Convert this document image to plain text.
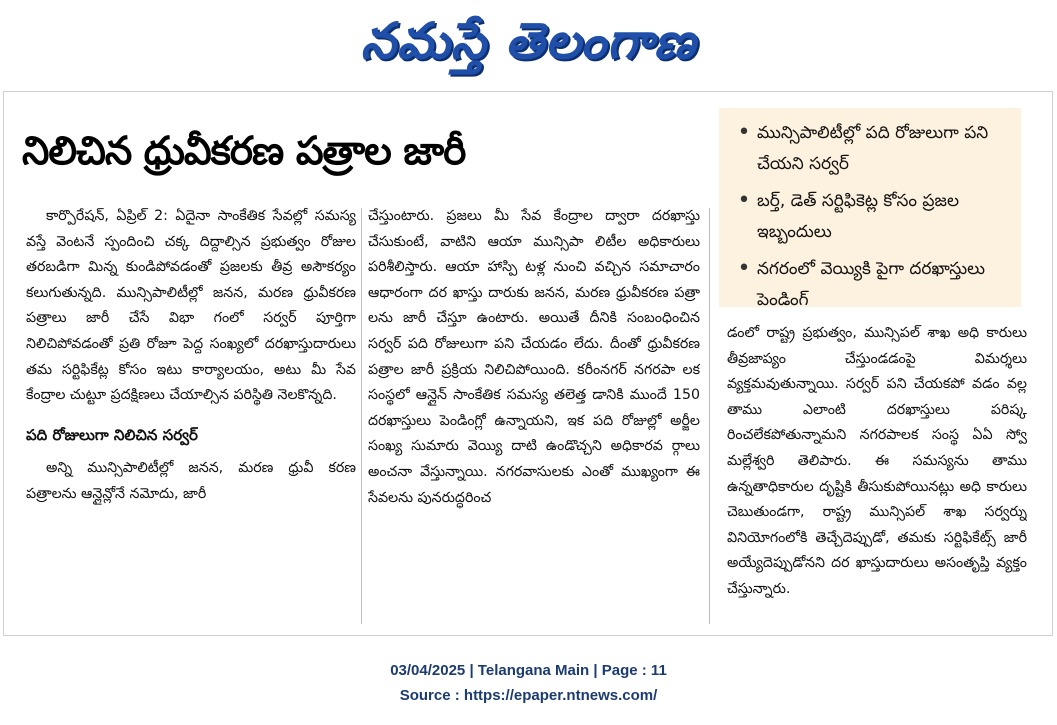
నమస్తే తెలంగాణ
నిలిచిన ధ్రువీకరణ పత్రాల జారీ	• మున్సిపాలిటీల్లో పది రోజులుగా పని చేయని సర్వర్
• బర్త్, డెత్ సర్టిఫికెట్ల కోసం ప్రజల ఇబ్బందులు
• నగరంలో వెయ్యికి పైగా దరఖాస్తులు పెండింగ్

కార్పొరేషన్, ఏప్రిల్ 2: ఏదైనా సాంకేతిక సేవల్లో సమస్య వస్తే వెంటనే స్పందించి చక్క దిద్దాల్సిన ప్రభుత్వం రోజుల తరబడిగా మిన్న కుండిపోవడంతో ప్రజలకు తీవ్ర అసౌకర్యం కలుగుతున్నది. మున్సిపాలిటీల్లో జనన, మరణ ధ్రువీకరణ పత్రాలు జారీ చేసే విభా గంలో సర్వర్ పూర్తిగా నిలిచిపోవడంతో ప్రతి రోజూ పెద్ద సంఖ్యలో దరఖాస్తుదారులు తమ సర్టిఫికేట్ల కోసం ఇటు కార్యాలయం, అటు మీ సేవ కేంద్రాల చుట్టూ ప్రదక్షిణలు చేయాల్సిన పరిస్థితి నెలకొన్నది.

పది రోజులుగా నిలిచిన సర్వర్

అన్ని మున్సిపాలిటీల్లో జనన, మరణ ధ్రువీ కరణ పత్రాలను ఆన్లైన్లోనే నమోదు, జారీ

చేస్తుంటారు. ప్రజలు మీ సేవ కేంద్రాల ద్వారా దరఖాస్తు చేసుకుంటే, వాటిని ఆయా మున్సిపా లిటీల అధికారులు పరిశీలిస్తారు. ఆయా హాస్పి టళ్ల నుంచి వచ్చిన సమాచారం ఆధారంగా దర ఖాస్తు దారుకు జనన, మరణ ధ్రువీకరణ పత్రా లను జారీ చేస్తూ ఉంటారు. అయితే దీనికి సంబంధించిన సర్వర్ పది రోజులుగా పని చేయడం లేదు. దీంతో ధ్రువీకరణ పత్రాల జారీ ప్రక్రియ నిలిచిపోయింది. కరీంనగర్ నగరపా లక సంస్థలో ఆన్లైన్ సాంకేతిక సమస్య తలెత్త డానికి ముందే 150 దరఖాస్తులు పెండింగ్లో ఉన్నాయని, ఇక పది రోజుల్లో అర్జీల సంఖ్య సుమారు వెయ్యి దాటి ఉండొచ్చని అధికారవ ర్గాలు అంచనా వేస్తున్నాయి. నగరవాసులకు ఎంతో ముఖ్యంగా ఈ సేవలను పునరుద్ధరించ

డంలో రాష్ట్ర ప్రభుత్వం, మున్సిపల్ శాఖ అధి కారులు తీవ్రజాప్యం చేస్తుండడంపై విమర్శలు వ్యక్తమవుతున్నాయి. సర్వర్ పని చేయకపో వడం వల్ల తాము ఎలాంటి దరఖాస్తులు పరిష్క రించలేకపోతున్నామని నగరపాలక సంస్థ ఏఏ స్వో మల్లేశ్వరి తెలిపారు. ఈ సమస్యను తాము ఉన్నతాధికారుల దృష్టికి తీసుకుపోయినట్లు అధి కారులు చెబుతుండగా, రాష్ట్ర మున్సిపల్ శాఖ సర్వర్ను వినియోగంలోకి తెచ్చేదెప్పుడో, తమకు సర్టిఫికేట్స్ జారీ అయ్యేదెప్పుడోనని దర ఖాస్తుదారులు అసంతృప్తి వ్యక్తం చేస్తున్నారు.

03/04/2025 | Telangana Main | Page : 11
Source : https://epaper.ntnews.com/
